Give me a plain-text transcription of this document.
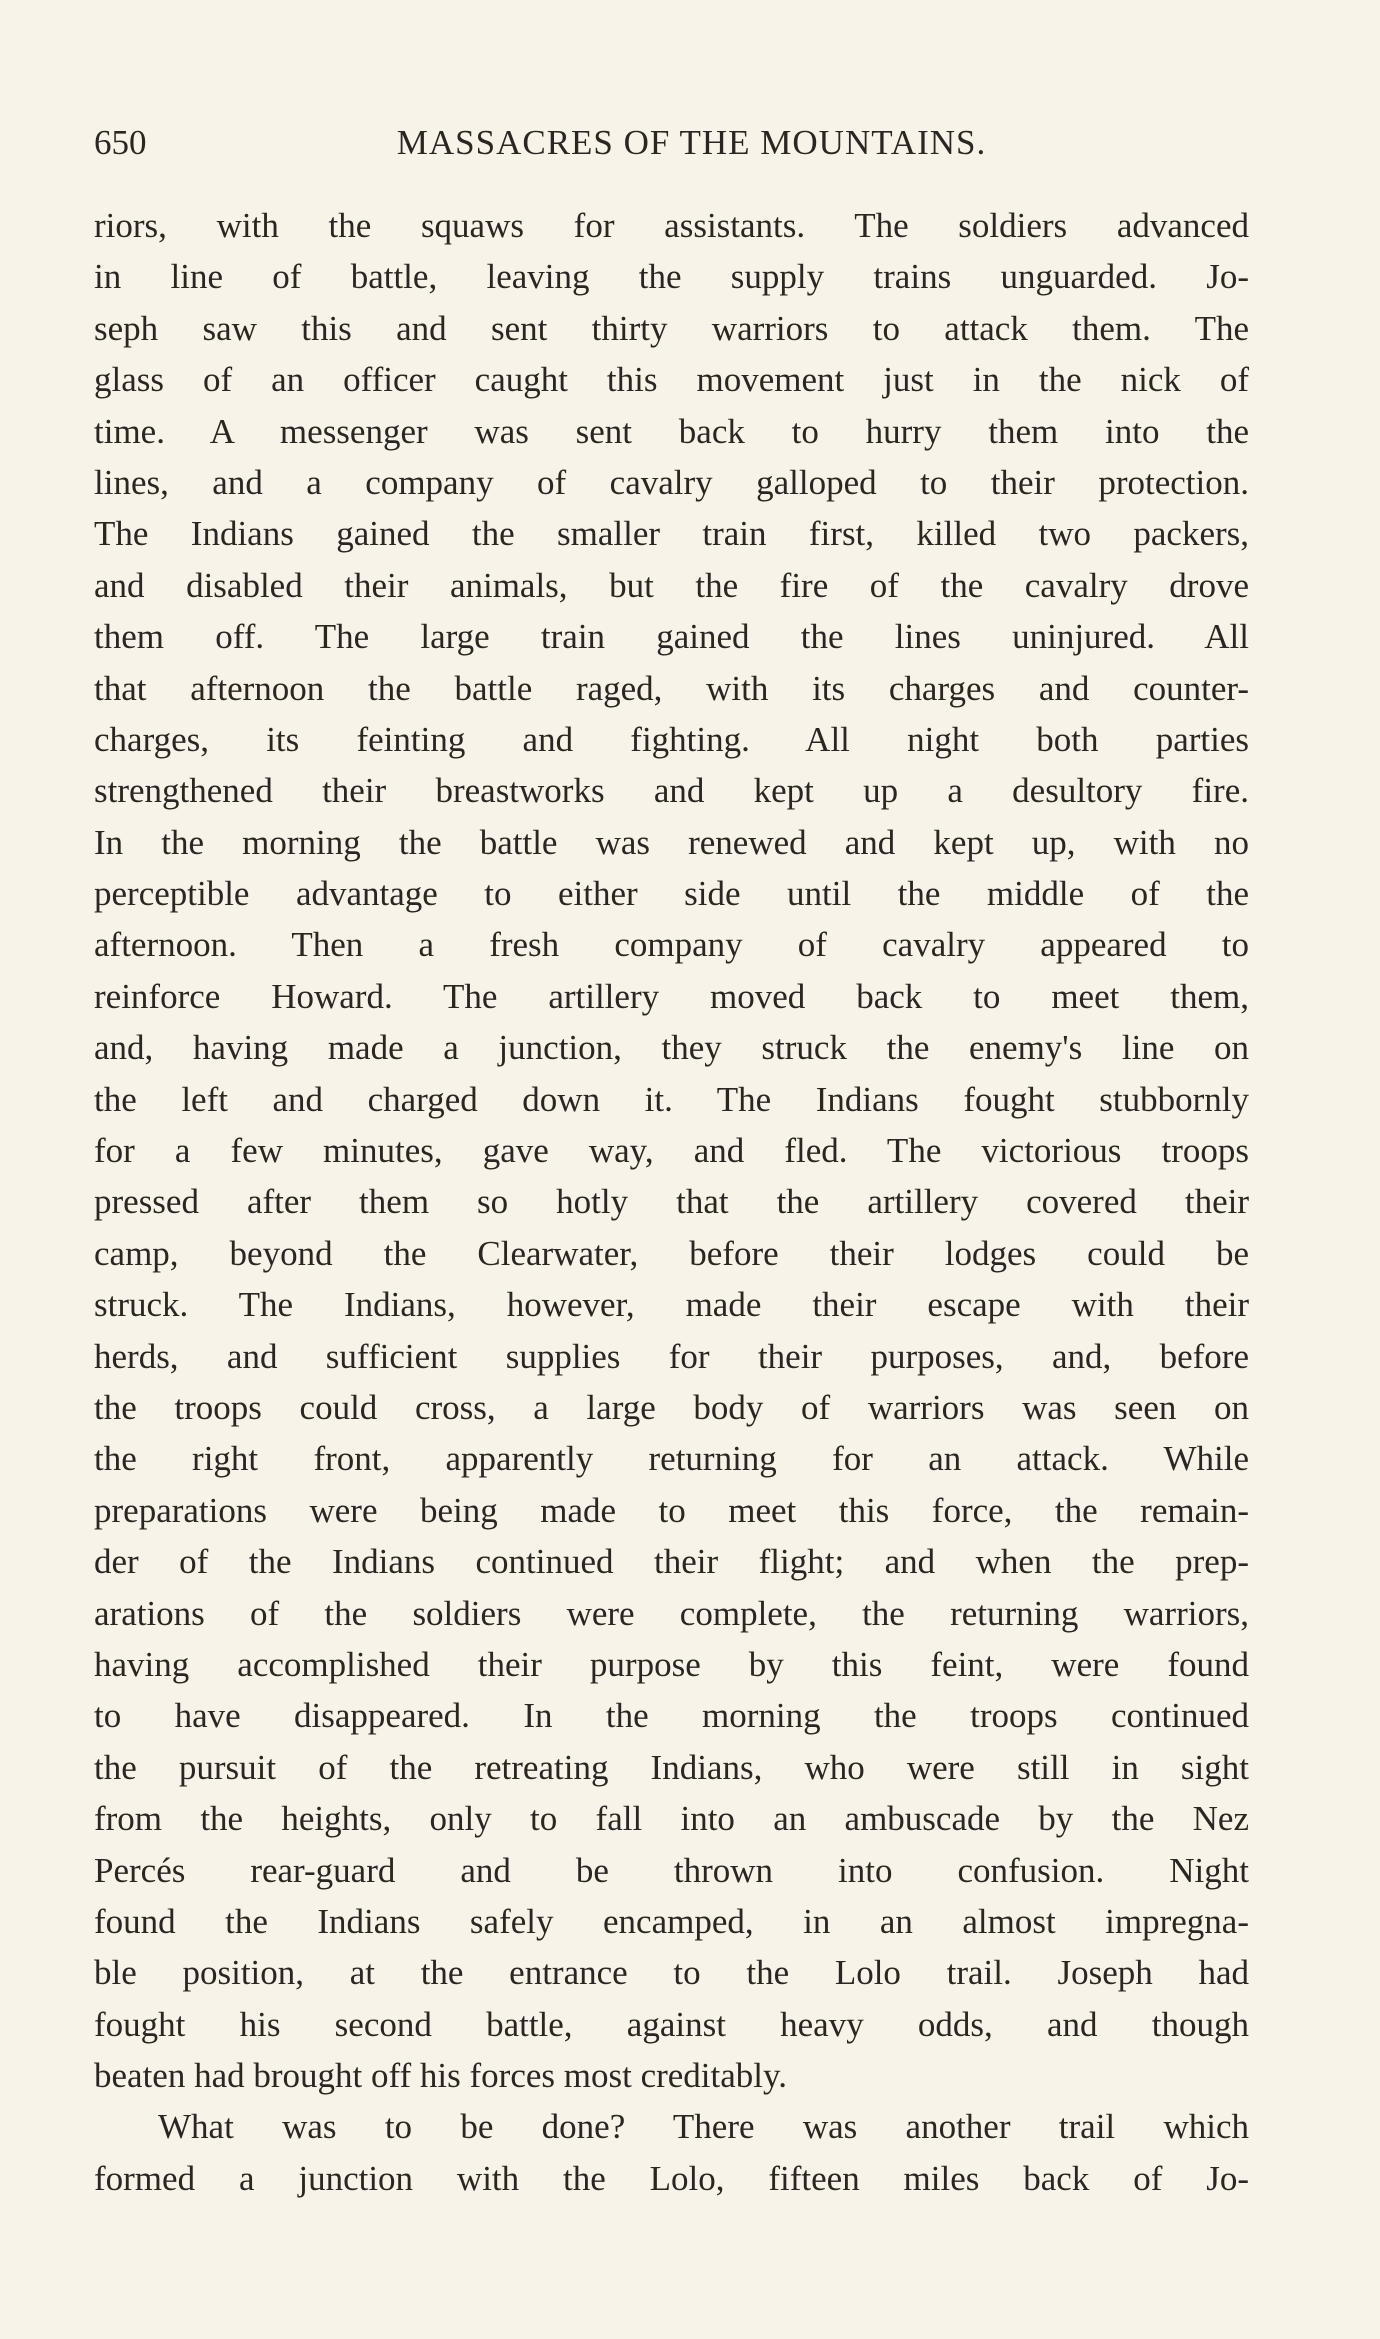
650	MASSACRES OF THE MOUNTAINS.
riors, with the squaws for assistants. The soldiers advanced
in line of battle, leaving the supply trains unguarded. Jo-
seph saw this and sent thirty warriors to attack them. The
glass of an officer caught this movement just in the nick of
time. A messenger was sent back to hurry them into the
lines, and a company of cavalry galloped to their protection.
The Indians gained the smaller train first, killed two packers,
and disabled their animals, but the fire of the cavalry drove
them off. The large train gained the lines uninjured. All
that afternoon the battle raged, with its charges and counter-
charges, its feinting and fighting. All night both parties
strengthened their breastworks and kept up a desultory fire.
In the morning the battle was renewed and kept up, with no
perceptible advantage to either side until the middle of the
afternoon. Then a fresh company of cavalry appeared to
reinforce Howard. The artillery moved back to meet them,
and, having made a junction, they struck the enemy's line on
the left and charged down it. The Indians fought stubbornly
for a few minutes, gave way, and fled. The victorious troops
pressed after them so hotly that the artillery covered their
camp, beyond the Clearwater, before their lodges could be
struck. The Indians, however, made their escape with their
herds, and sufficient supplies for their purposes, and, before
the troops could cross, a large body of warriors was seen on
the right front, apparently returning for an attack. While
preparations were being made to meet this force, the remain-
der of the Indians continued their flight; and when the prep-
arations of the soldiers were complete, the returning warriors,
having accomplished their purpose by this feint, were found
to have disappeared. In the morning the troops continued
the pursuit of the retreating Indians, who were still in sight
from the heights, only to fall into an ambuscade by the Nez
Percés rear-guard and be thrown into confusion. Night
found the Indians safely encamped, in an almost impregna-
ble position, at the entrance to the Lolo trail. Joseph had
fought his second battle, against heavy odds, and though
beaten had brought off his forces most creditably.
What was to be done? There was another trail which
formed a junction with the Lolo, fifteen miles back of Jo-
